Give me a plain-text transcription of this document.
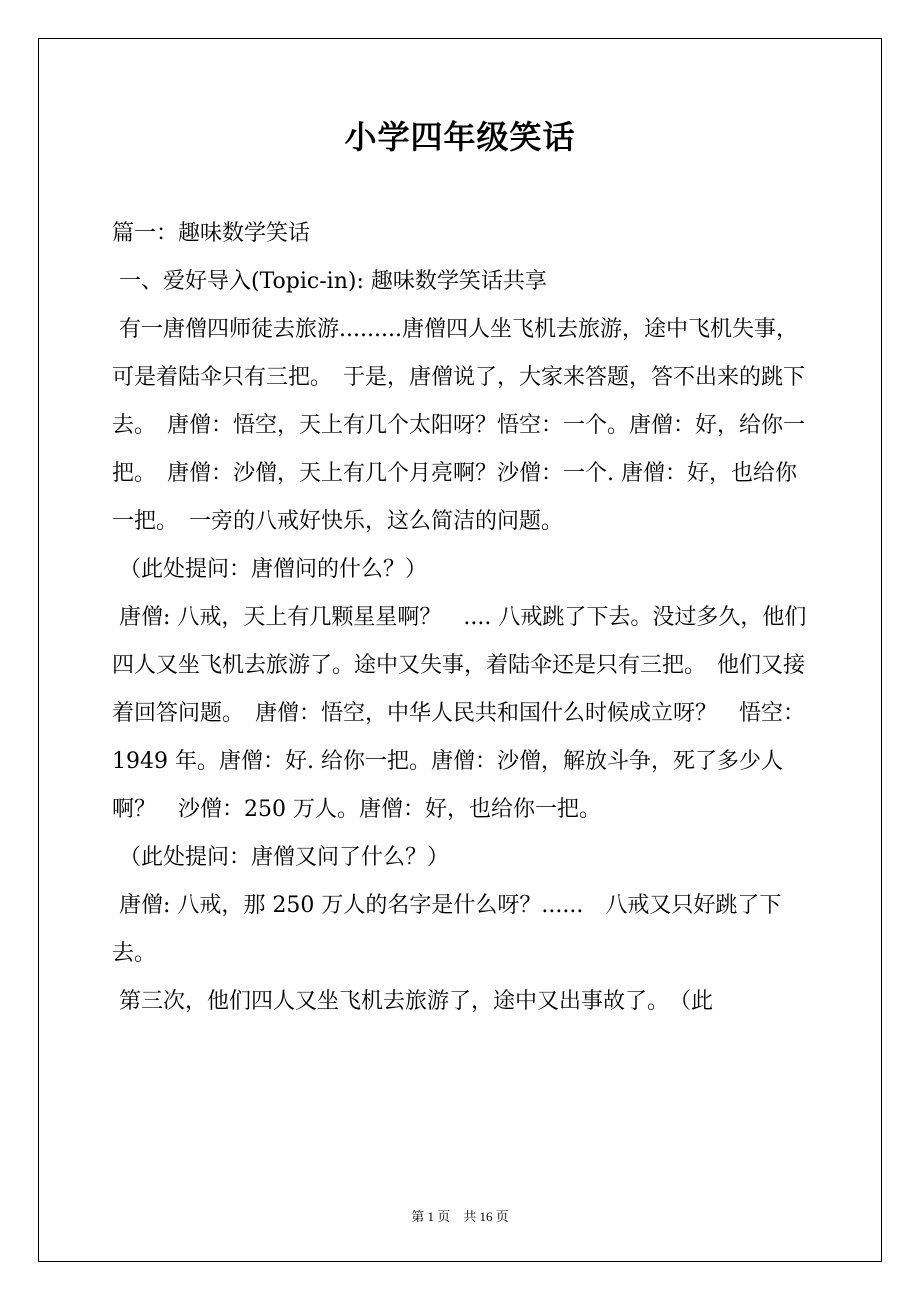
小学四年级笑话

篇一：趣味数学笑话

一、爱好导入(Topic-in): 趣味数学笑话共享

有一唐僧四师徒去旅游.........唐僧四人坐飞机去旅游，途中飞机失事，可是着陆伞只有三把。　于是，唐僧说了，大家来答题，答不出来的跳下去。　唐僧：悟空，天上有几个太阳呀？悟空：一个。唐僧：好，给你一把。　唐僧：沙僧，天上有几个月亮啊？沙僧：一个. 唐僧：好，也给你一把。　一旁的八戒好快乐，这么简洁的问题。

（此处提问：唐僧问的什么？）

唐僧: 八戒，天上有几颗星星啊？　.... 八戒跳了下去。没过多久，他们四人又坐飞机去旅游了。途中又失事，着陆伞还是只有三把。　他们又接着回答问题。　唐僧：悟空，中华人民共和国什么时候成立呀？　悟空：1949 年。唐僧：好. 给你一把。唐僧：沙僧，解放斗争，死了多少人啊？　沙僧：250 万人。唐僧：好，也给你一把。

（此处提问：唐僧又问了什么？）

唐僧: 八戒，那 250 万人的名字是什么呀？......　八戒又只好跳了下去。

第三次，他们四人又坐飞机去旅游了，途中又出事故了。　（此

第 1 页　共 16 页
